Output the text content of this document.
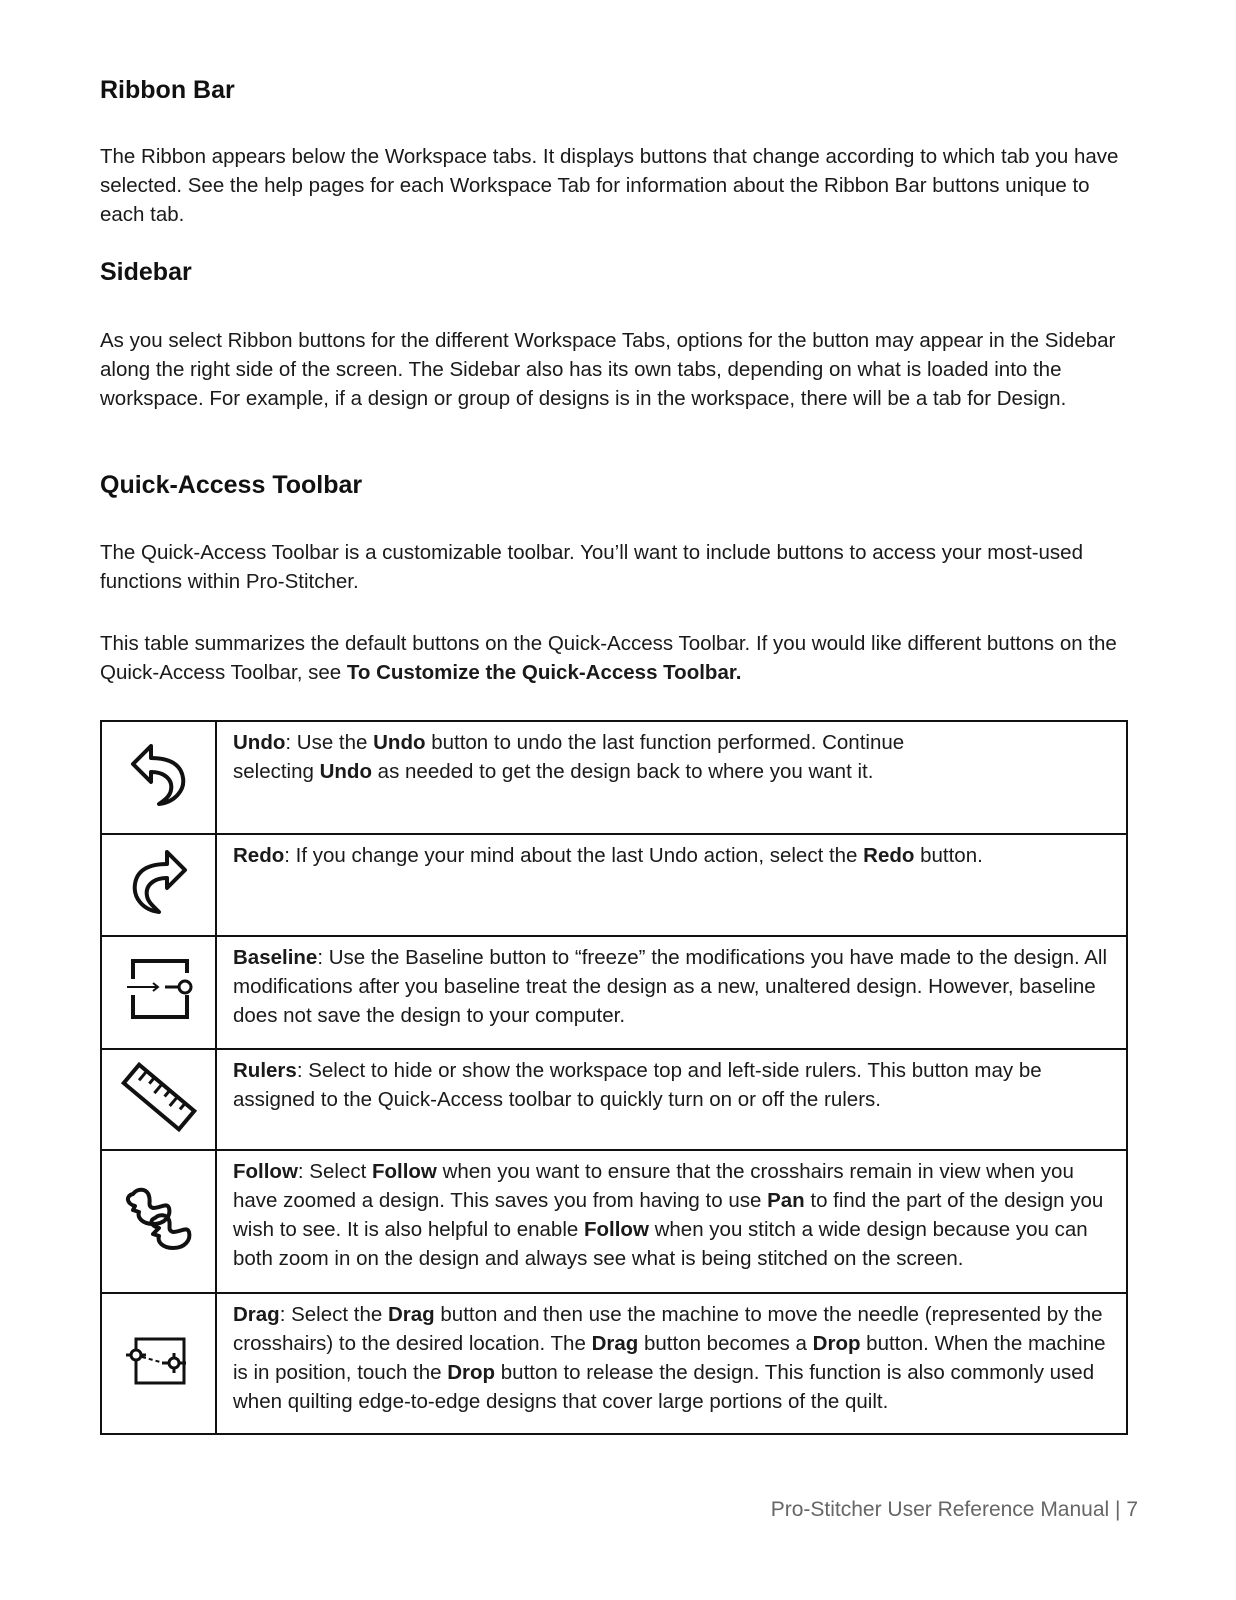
Ribbon Bar

The Ribbon appears below the Workspace tabs. It displays buttons that change according to which tab you have selected. See the help pages for each Workspace Tab for information about the Ribbon Bar buttons unique to each tab.

Sidebar

As you select Ribbon buttons for the different Workspace Tabs, options for the button may appear in the Sidebar along the right side of the screen. The Sidebar also has its own tabs, depending on what is loaded into the workspace. For example, if a design or group of designs is in the workspace, there will be a tab for Design.

Quick-Access Toolbar

The Quick-Access Toolbar is a customizable toolbar. You’ll want to include buttons to access your most-used functions within Pro-Stitcher.

This table summarizes the default buttons on the Quick-Access Toolbar. If you would like different buttons on the Quick-Access Toolbar, see To Customize the Quick-Access Toolbar.

	Undo: Use the Undo button to undo the last function performed. Continue
selecting Undo as needed to get the design back to where you want it.
	Redo: If you change your mind about the last Undo action, select the Redo button.
	Baseline: Use the Baseline button to “freeze” the modifications you have made to the design. All modifications after you baseline treat the design as a new, unaltered design. However, baseline does not save the design to your computer.
	Rulers: Select to hide or show the workspace top and left-side rulers. This button may be assigned to the Quick-Access toolbar to quickly turn on or off the rulers.
	Follow: Select Follow when you want to ensure that the crosshairs remain in view when you have zoomed a design. This saves you from having to use Pan to find the part of the design you wish to see. It is also helpful to enable Follow when you stitch a wide design because you can both zoom in on the design and always see what is being stitched on the screen.
	Drag: Select the Drag button and then use the machine to move the needle (represented by the crosshairs) to the desired location. The Drag button becomes a Drop button. When the machine is in position, touch the Drop button to release the design. This function is also commonly used when quilting edge-to-edge designs that cover large portions of the quilt.
Pro-Stitcher User Reference Manual | 7
